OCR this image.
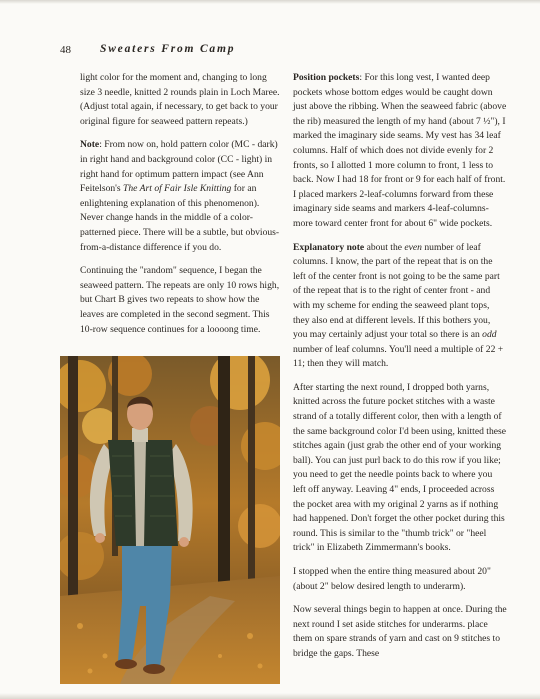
48	Sweaters From Camp

light color for the moment and, changing to long size 3 needle, knitted 2 rounds plain in Loch Maree. (Adjust total again, if necessary, to get back to your original figure for seaweed pattern repeats.)

Note: From now on, hold pattern color (MC - dark) in right hand and background color (CC - light) in right hand for optimum pattern impact (see Ann Feitelson's The Art of Fair Isle Knitting for an enlightening explanation of this phenomenon). Never change hands in the middle of a color-patterned piece. There will be a subtle, but obvious-from-a-distance difference if you do.

Continuing the "random" sequence, I began the seaweed pattern. The repeats are only 10 rows high, but Chart B gives two repeats to show how the leaves are completed in the second segment. This 10-row sequence continues for a loooong time.

Position pockets: For this long vest, I wanted deep pockets whose bottom edges would be caught down just above the ribbing. When the seaweed fabric (above the rib) measured the length of my hand (about 7 ½"), I marked the imaginary side seams. My vest has 34 leaf columns. Half of which does not divide evenly for 2 fronts, so I allotted 1 more column to front, 1 less to back. Now I had 18 for front or 9 for each half of front. I placed markers 2-leaf-columns forward from these imaginary side seams and markers 4-leaf-columns-more toward center front for about 6" wide pockets.

Explanatory note about the even number of leaf columns. I know, the part of the repeat that is on the left of the center front is not going to be the same part of the repeat that is to the right of center front - and with my scheme for ending the seaweed plant tops, they also end at different levels. If this bothers you, you may certainly adjust your total so there is an odd number of leaf columns. You'll need a multiple of 22 + 11; then they will match.

After starting the next round, I dropped both yarns, knitted across the future pocket stitches with a waste strand of a totally different color, then with a length of the same background color I'd been using, knitted these stitches again (just grab the other end of your working ball). You can just purl back to do this row if you like; you need to get the needle points back to where you left off anyway. Leaving 4" ends, I proceeded across the pocket area with my original 2 yarns as if nothing had happened. Don't forget the other pocket during this round. This is similar to the "thumb trick" or "heel trick" in Elizabeth Zimmermann's books.

I stopped when the entire thing measured about 20" (about 2" below desired length to underarm).

Now several things begin to happen at once. During the next round I set aside stitches for underarms. place them on spare strands of yarn and cast on 9 stitches to bridge the gaps. These
